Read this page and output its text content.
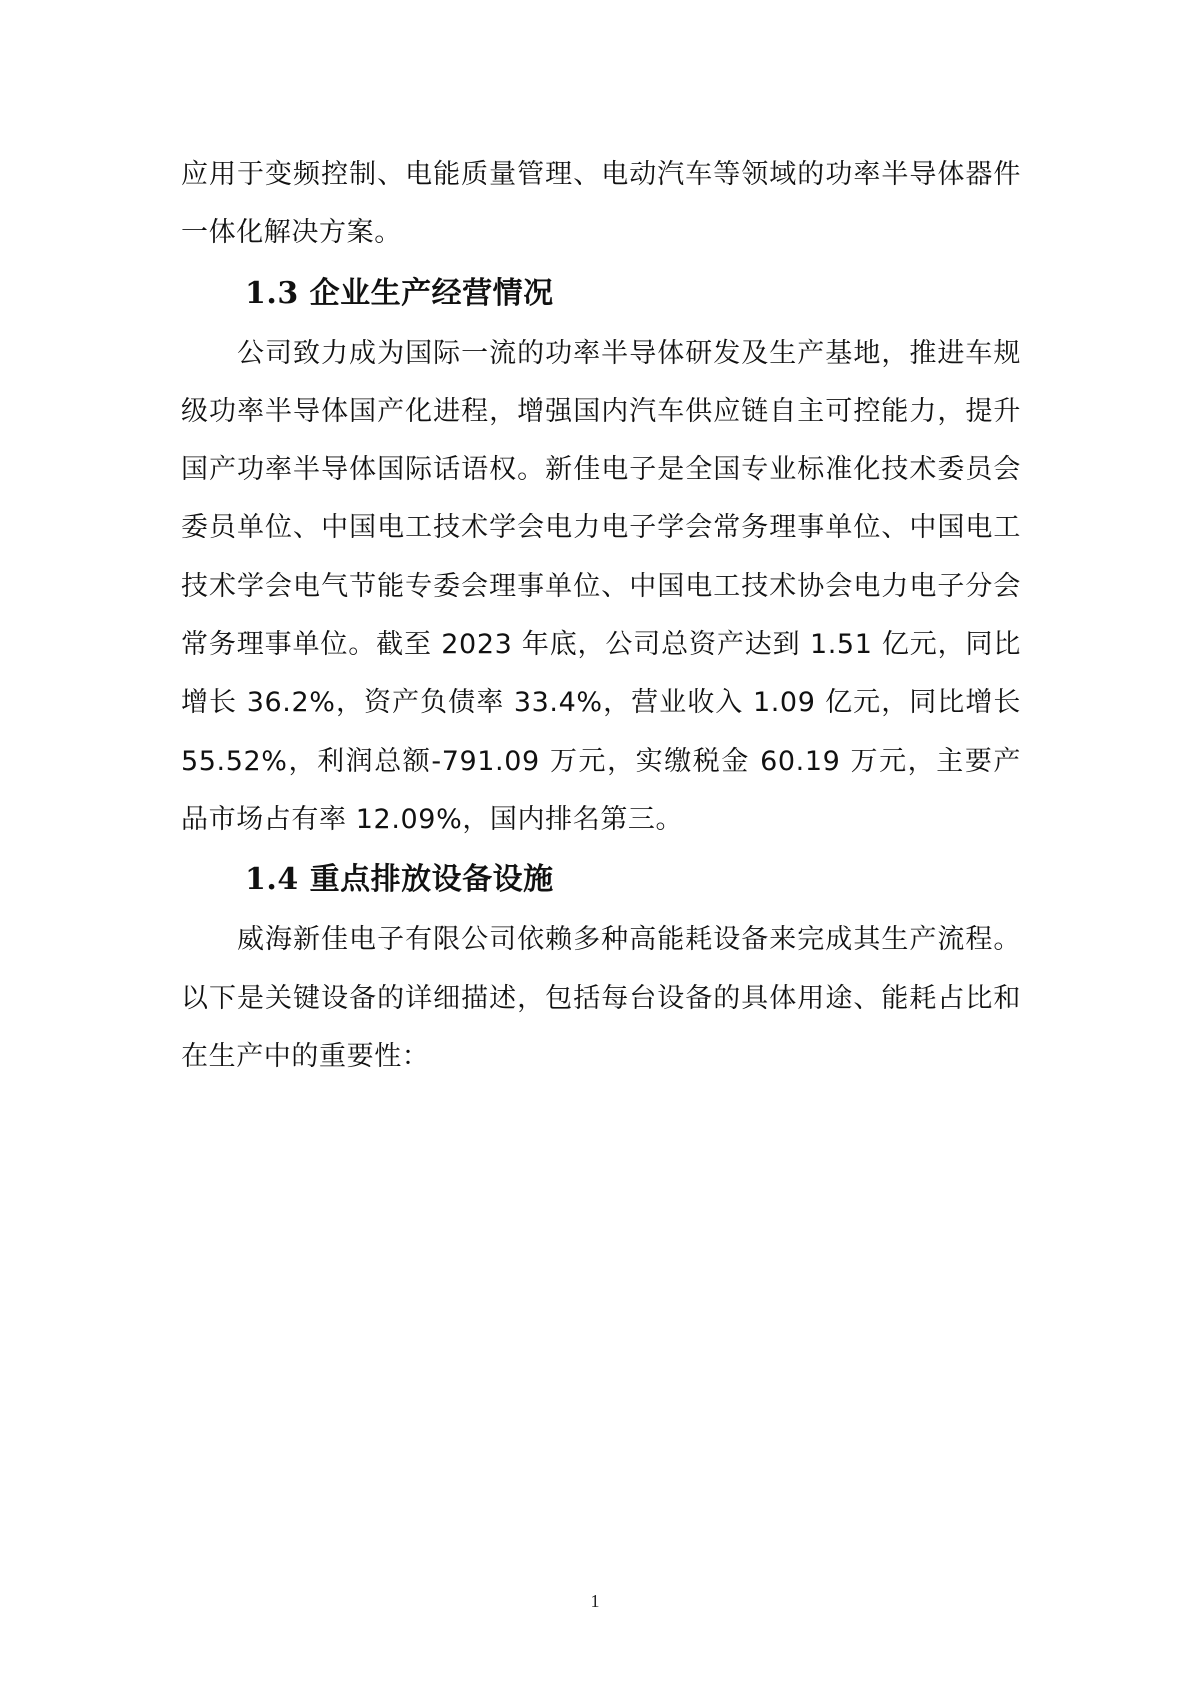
应用于变频控制、电能质量管理、电动汽车等领域的功率半导体器件一体化解决方案。

1.3 企业生产经营情况

公司致力成为国际一流的功率半导体研发及生产基地，推进车规级功率半导体国产化进程，增强国内汽车供应链自主可控能力，提升国产功率半导体国际话语权。新佳电子是全国专业标准化技术委员会委员单位、中国电工技术学会电力电子学会常务理事单位、中国电工技术学会电气节能专委会理事单位、中国电工技术协会电力电子分会常务理事单位。截至 2023 年底，公司总资产达到 1.51 亿元，同比增长 36.2%，资产负债率 33.4%，营业收入 1.09 亿元，同比增长 55.52%，利润总额-791.09 万元，实缴税金 60.19 万元，主要产品市场占有率 12.09%，国内排名第三。

1.4 重点排放设备设施

威海新佳电子有限公司依赖多种高能耗设备来完成其生产流程。以下是关键设备的详细描述，包括每台设备的具体用途、能耗占比和在生产中的重要性：

1
